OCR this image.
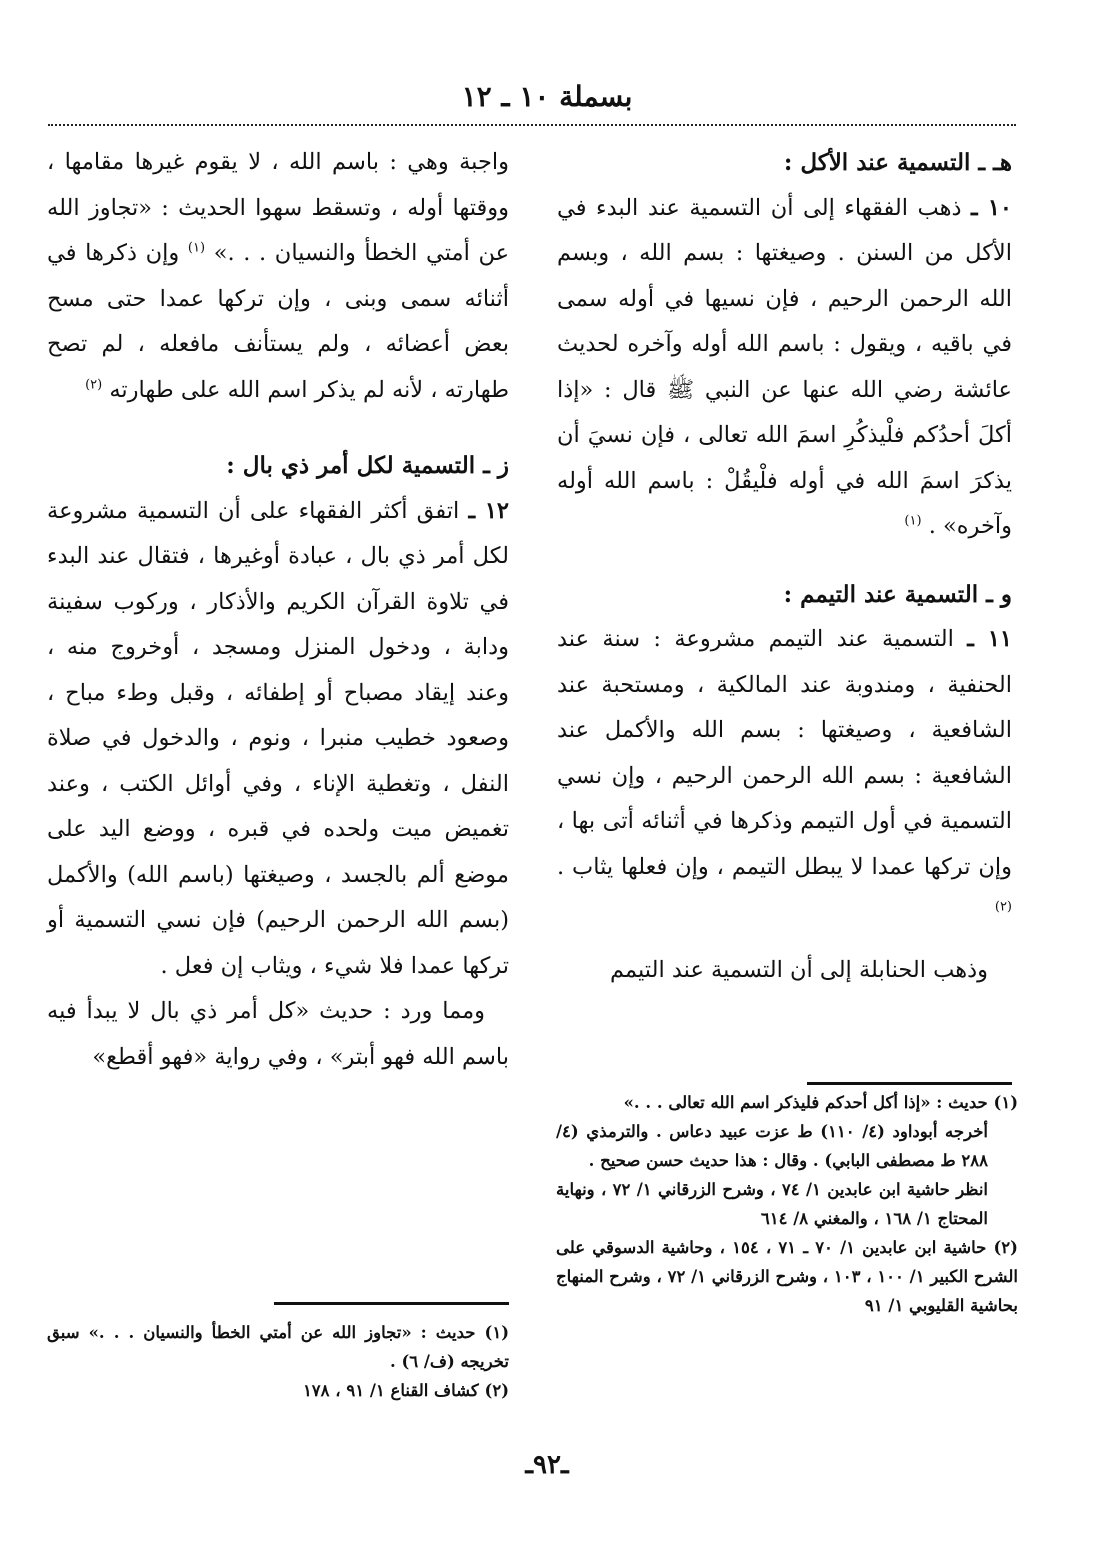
بسملة ١٠ ـ ١٢
هـ ـ التسمية عند الأكل :

١٠ ـ ذهب الفقهاء إلى أن التسمية عند البدء في الأكل من السنن . وصيغتها : بسم الله ، وبسم الله الرحمن الرحيم ، فإن نسيها في أوله سمى في باقيه ، ويقول : باسم الله أوله وآخره لحديث عائشة رضي الله عنها عن النبي ﷺ قال : «إذا أكلَ أحدُكم فلْيذكُرِ اسمَ الله تعالى ، فإن نسيَ أن يذكرَ اسمَ الله في أوله فلْيقُلْ : باسم الله أوله وآخره» . $^{(١)}$

و ـ التسمية عند التيمم :

١١ ـ التسمية عند التيمم مشروعة : سنة عند الحنفية ، ومندوبة عند المالكية ، ومستحبة عند الشافعية ، وصيغتها : بسم الله والأكمل عند الشافعية : بسم الله الرحمن الرحيم ، وإن نسي التسمية في أول التيمم وذكرها في أثنائه أتى بها ، وإن تركها عمدا لا يبطل التيمم ، وإن فعلها يثاب . $^{(٢)}$

وذهب الحنابلة إلى أن التسمية عند التيمم

واجبة وهي : باسم الله ، لا يقوم غيرها مقامها ، ووقتها أوله ، وتسقط سهوا الحديث : «تجاوز الله عن أمتي الخطأ والنسيان . . .» $^{(١)}$ وإن ذكرها في أثنائه سمى وبنى ، وإن تركها عمدا حتى مسح بعض أعضائه ، ولم يستأنف مافعله ، لم تصح طهارته ، لأنه لم يذكر اسم الله على طهارته $^{(٢)}$

ز ـ التسمية لكل أمر ذي بال :

١٢ ـ اتفق أكثر الفقهاء على أن التسمية مشروعة لكل أمر ذي بال ، عبادة أوغيرها ، فتقال عند البدء في تلاوة القرآن الكريم والأذكار ، وركوب سفينة ودابة ، ودخول المنزل ومسجد ، أوخروج منه ، وعند إيقاد مصباح أو إطفائه ، وقبل وطء مباح ، وصعود خطيب منبرا ، ونوم ، والدخول في صلاة النفل ، وتغطية الإناء ، وفي أوائل الكتب ، وعند تغميض ميت ولحده في قبره ، ووضع اليد على موضع ألم بالجسد ، وصيغتها (باسم الله) والأكمل (بسم الله الرحمن الرحيم) فإن نسي التسمية أو تركها عمدا فلا شيء ، ويثاب إن فعل .

ومما ورد : حديث «كل أمر ذي بال لا يبدأ فيه باسم الله فهو أبتر» ، وفي رواية «فهو أقطع»

(١) حديث : «إذا أكل أحدكم فليذكر اسم الله تعالى . . .»

أخرجه أبوداود (٤/ ١١٠) ط عزت عبيد دعاس . والترمذي (٤/ ٢٨٨ ط مصطفى البابي) . وقال : هذا حديث حسن صحيح .

انظر حاشية ابن عابدين ١/ ٧٤ ، وشرح الزرقاني ١/ ٧٢ ، ونهاية المحتاج ١/ ١٦٨ ، والمغني ٨/ ٦١٤

(٢) حاشية ابن عابدين ١/ ٧٠ ـ ٧١ ، ١٥٤ ، وحاشية الدسوقي على الشرح الكبير ١/ ١٠٠ ، ١٠٣ ، وشرح الزرقاني ١/ ٧٢ ، وشرح المنهاج بحاشية القليوبي ١/ ٩١

(١) حديث : «تجاوز الله عن أمتي الخطأ والنسيان . . .» سبق تخريجه (ف/ ٦) .

(٢) كشاف القناع ١/ ٩١ ، ١٧٨

ـ٩٢ـ
